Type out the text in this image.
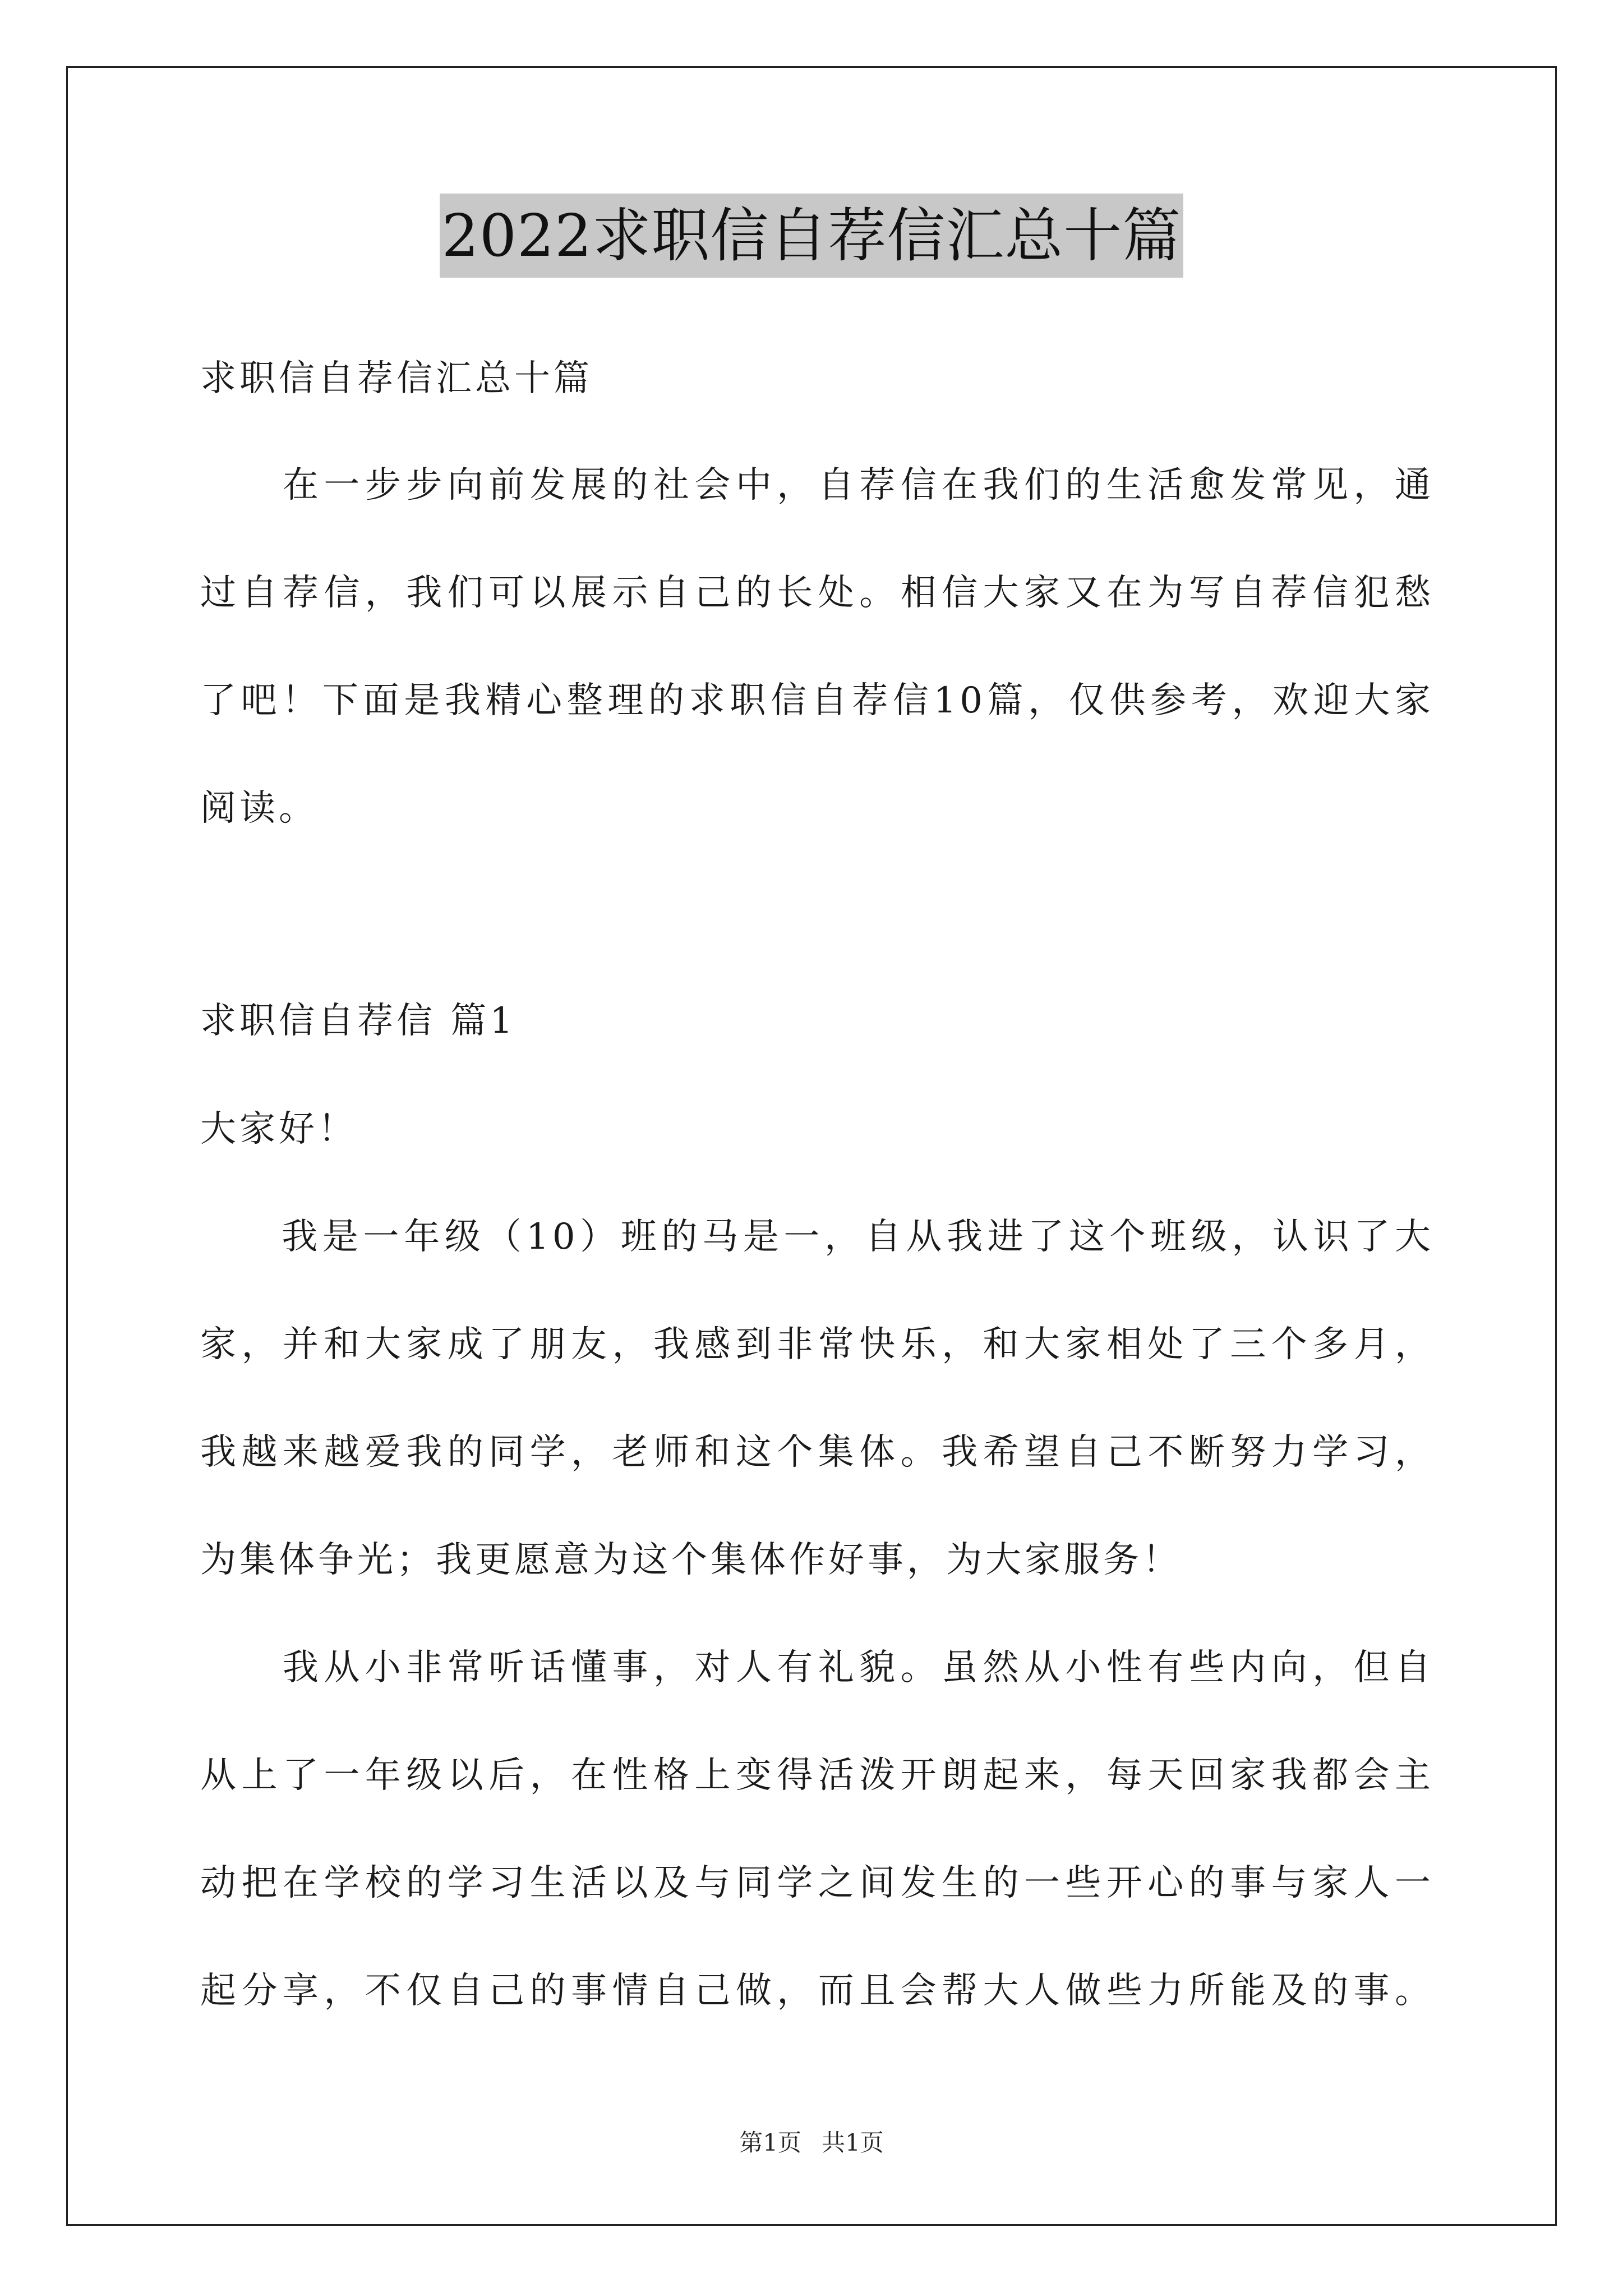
2022求职信自荐信汇总十篇
求职信自荐信汇总十篇
　　在一步步向前发展的社会中，自荐信在我们的生活愈发常见，通
过自荐信，我们可以展示自己的长处。相信大家又在为写自荐信犯愁
了吧！下面是我精心整理的求职信自荐信10篇，仅供参考，欢迎大家
阅读。
求职信自荐信 篇1
大家好！
　　我是一年级（10）班的马是一，自从我进了这个班级，认识了大
家，并和大家成了朋友，我感到非常快乐，和大家相处了三个多月，
我越来越爱我的同学，老师和这个集体。我希望自己不断努力学习，
为集体争光；我更愿意为这个集体作好事，为大家服务！
　　我从小非常听话懂事，对人有礼貌。虽然从小性有些内向，但自
从上了一年级以后，在性格上变得活泼开朗起来，每天回家我都会主
动把在学校的学习生活以及与同学之间发生的一些开心的事与家人一
起分享，不仅自己的事情自己做，而且会帮大人做些力所能及的事。
第1页 共1页
